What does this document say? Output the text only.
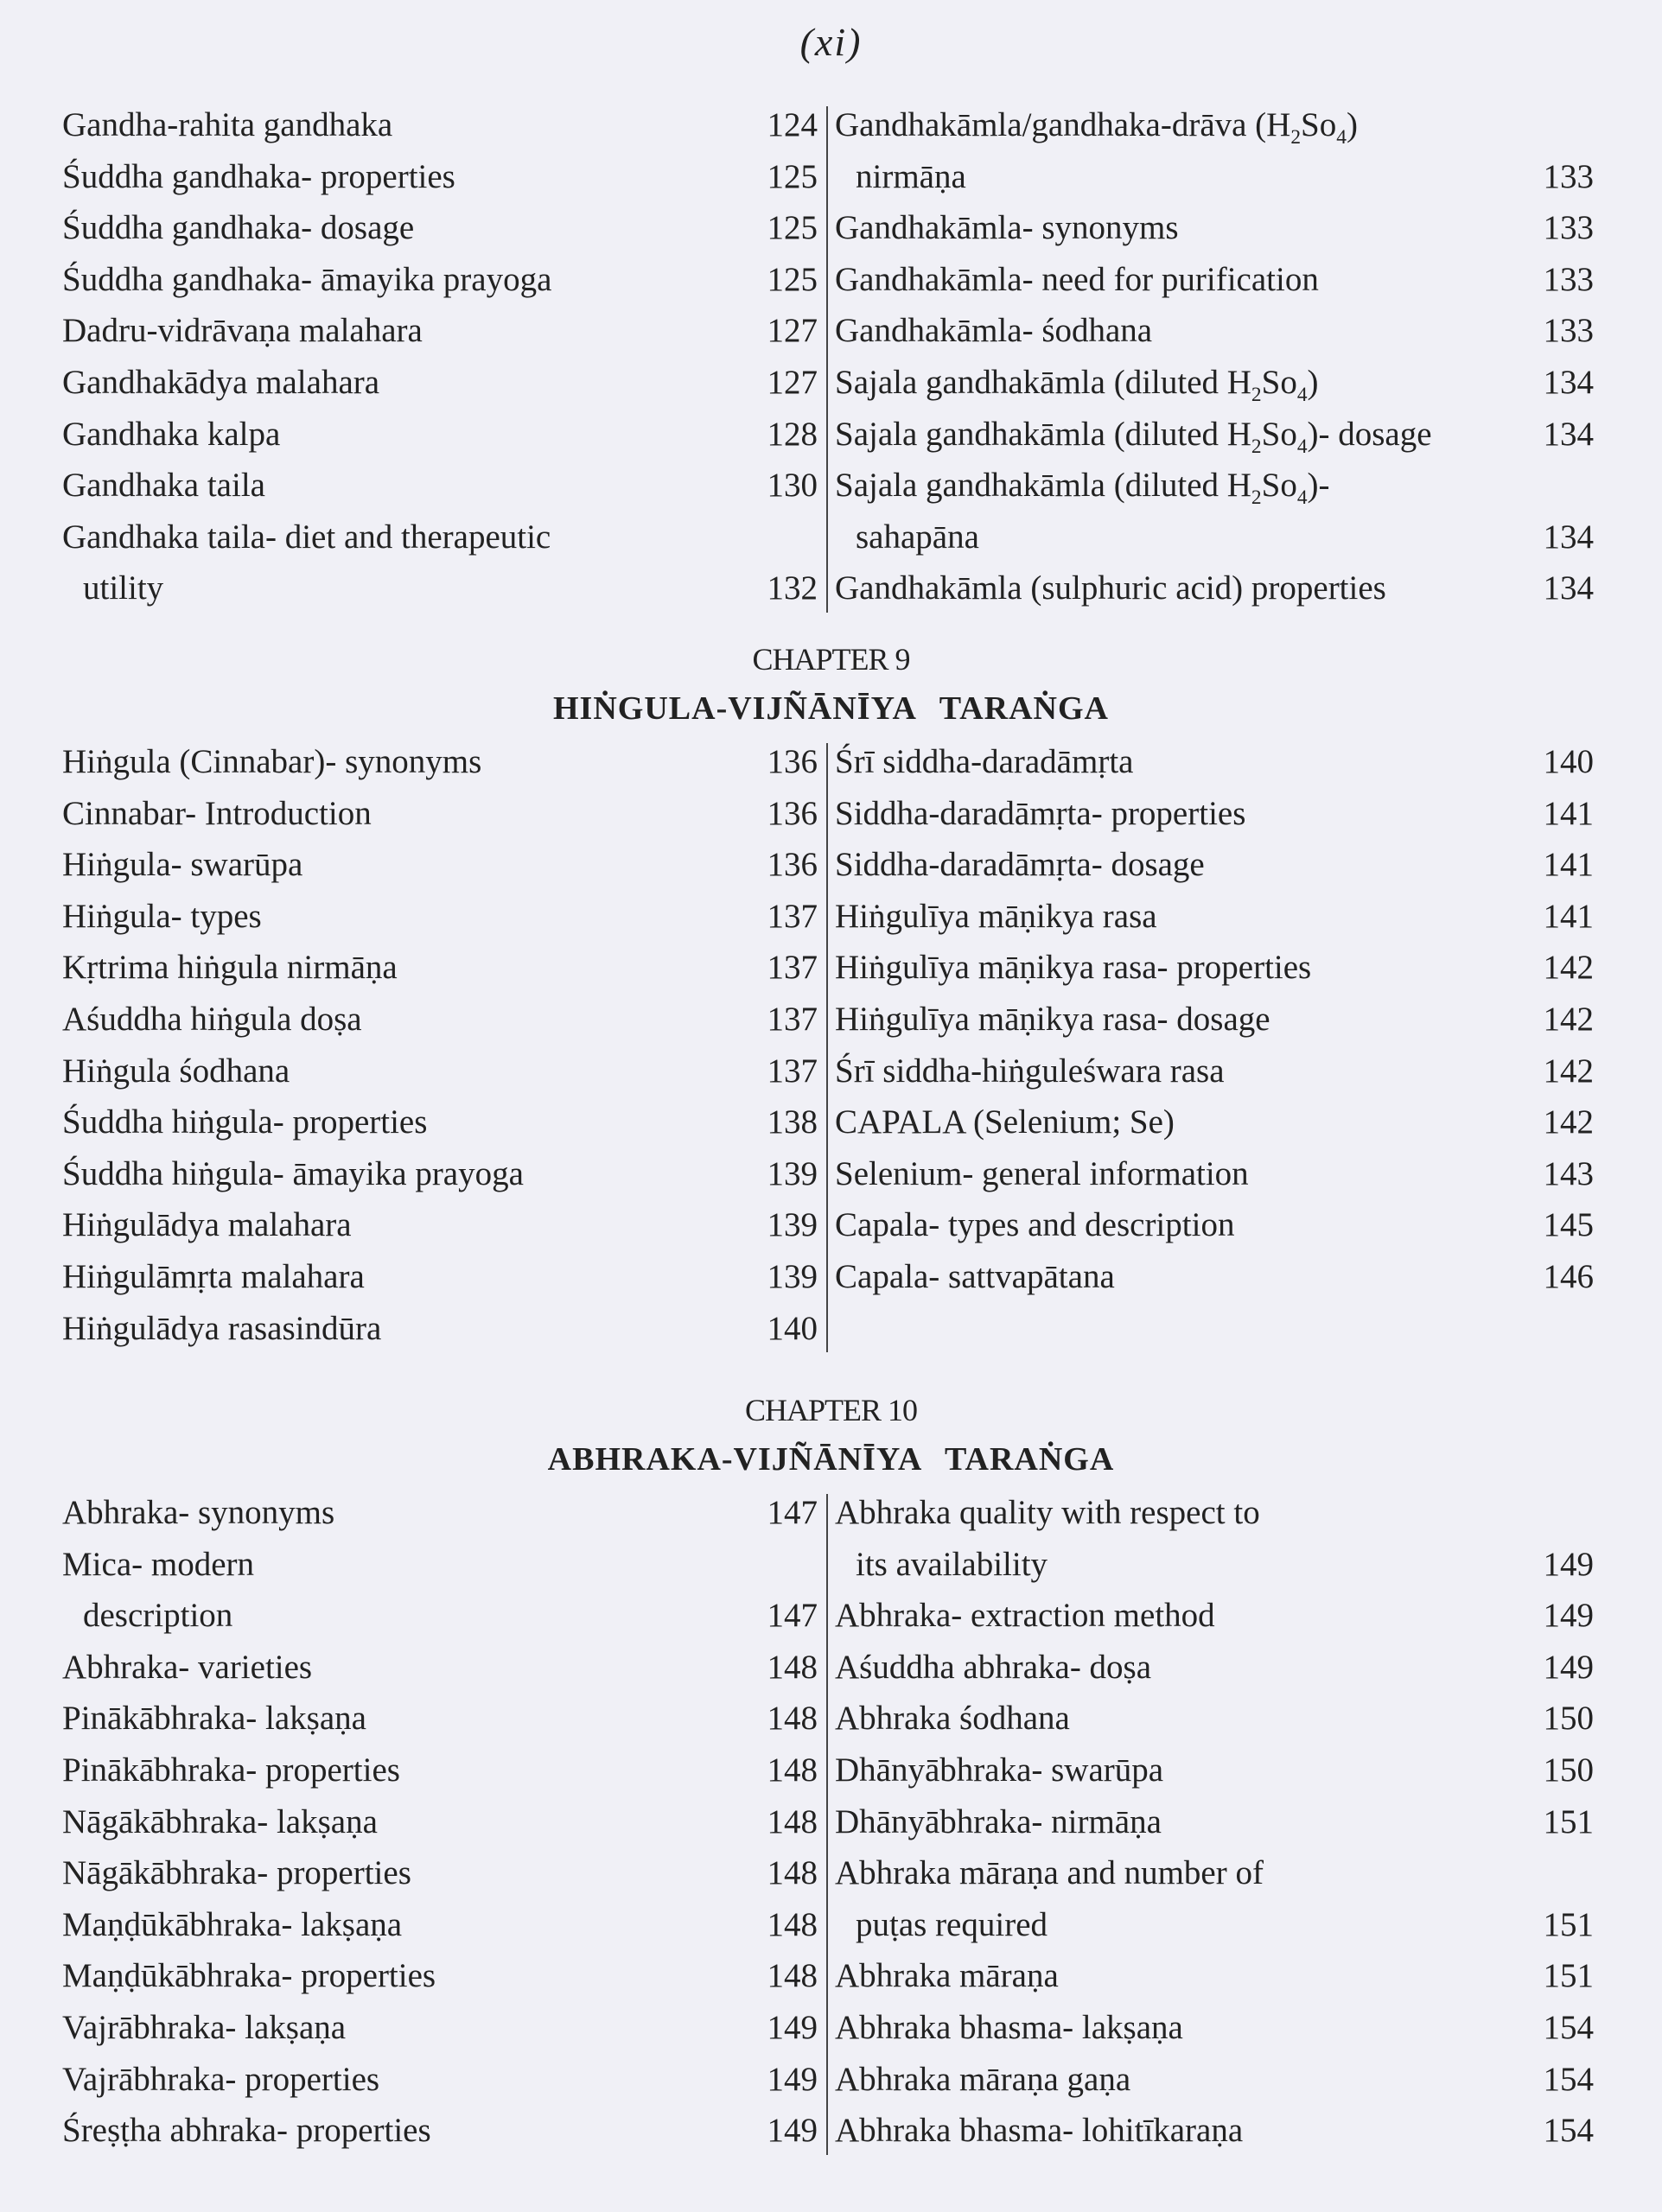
(xi)
Gandha-rahita gandhaka	124
Śuddha gandhaka- properties	125
Śuddha gandhaka- dosage	125
Śuddha gandhaka- āmayika prayoga	125
Dadru-vidrāvaṇa malahara	127
Gandhakādya malahara	127
Gandhaka kalpa	128
Gandhaka taila	130
Gandhaka taila- diet and therapeutic
utility	132
Gandhakāmla/gandhaka-drāva $(H_2So_4)$
nirmāṇa	133
Gandhakāmla- synonyms	133
Gandhakāmla- need for purification	133
Gandhakāmla- śodhana	133
Sajala gandhakāmla (diluted $H_2So_4$)	134
Sajala gandhakāmla (diluted $H_2So_4)-$ dosage	134
Sajala gandhakāmla (diluted $H_2So_4)-$
sahapāna	134
Gandhakāmla (sulphuric acid) properties	134
CHAPTER 9
HIṄGULA-VIJÑĀNĪYA TARAṄGA
Hiṅgula (Cinnabar)- synonyms	136
Cinnabar- Introduction	136
Hiṅgula- swarūpa	136
Hiṅgula- types	137
Kṛtrima hiṅgula nirmāṇa	137
Aśuddha hiṅgula doṣa	137
Hiṅgula śodhana	137
Śuddha hiṅgula- properties	138
Śuddha hiṅgula- āmayika prayoga	139
Hiṅgulādya malahara	139
Hiṅgulāmṛta malahara	139
Hiṅgulādya rasasindūra	140
Śrī siddha-daradāmṛta	140
Siddha-daradāmṛta- properties	141
Siddha-daradāmṛta- dosage	141
Hiṅgulīya māṇikya rasa	141
Hiṅgulīya māṇikya rasa- properties	142
Hiṅgulīya māṇikya rasa- dosage	142
Śrī siddha-hiṅguleśwara rasa	142
CAPALA (Selenium; Se)	142
Selenium- general information	143
Capala- types and description	145
Capala- sattvapātana	146
CHAPTER 10
ABHRAKA-VIJÑĀNĪYA TARAṄGA
Abhraka- synonyms	147
Mica- modern
description	147
Abhraka- varieties	148
Pinākābhraka- lakṣaṇa	148
Pinākābhraka- properties	148
Nāgākābhraka- lakṣaṇa	148
Nāgākābhraka- properties	148
Maṇḍūkābhraka- lakṣaṇa	148
Maṇḍūkābhraka- properties	148
Vajrābhraka- lakṣaṇa	149
Vajrābhraka- properties	149
Śreṣṭha abhraka- properties	149
Abhraka quality with respect to
its availability	149
Abhraka- extraction method	149
Aśuddha abhraka- doṣa	149
Abhraka śodhana	150
Dhānyābhraka- swarūpa	150
Dhānyābhraka- nirmāṇa	151
Abhraka māraṇa and number of
puṭas required	151
Abhraka māraṇa	151
Abhraka bhasma- lakṣaṇa	154
Abhraka māraṇa gaṇa	154
Abhraka bhasma- lohitīkaraṇa	154
